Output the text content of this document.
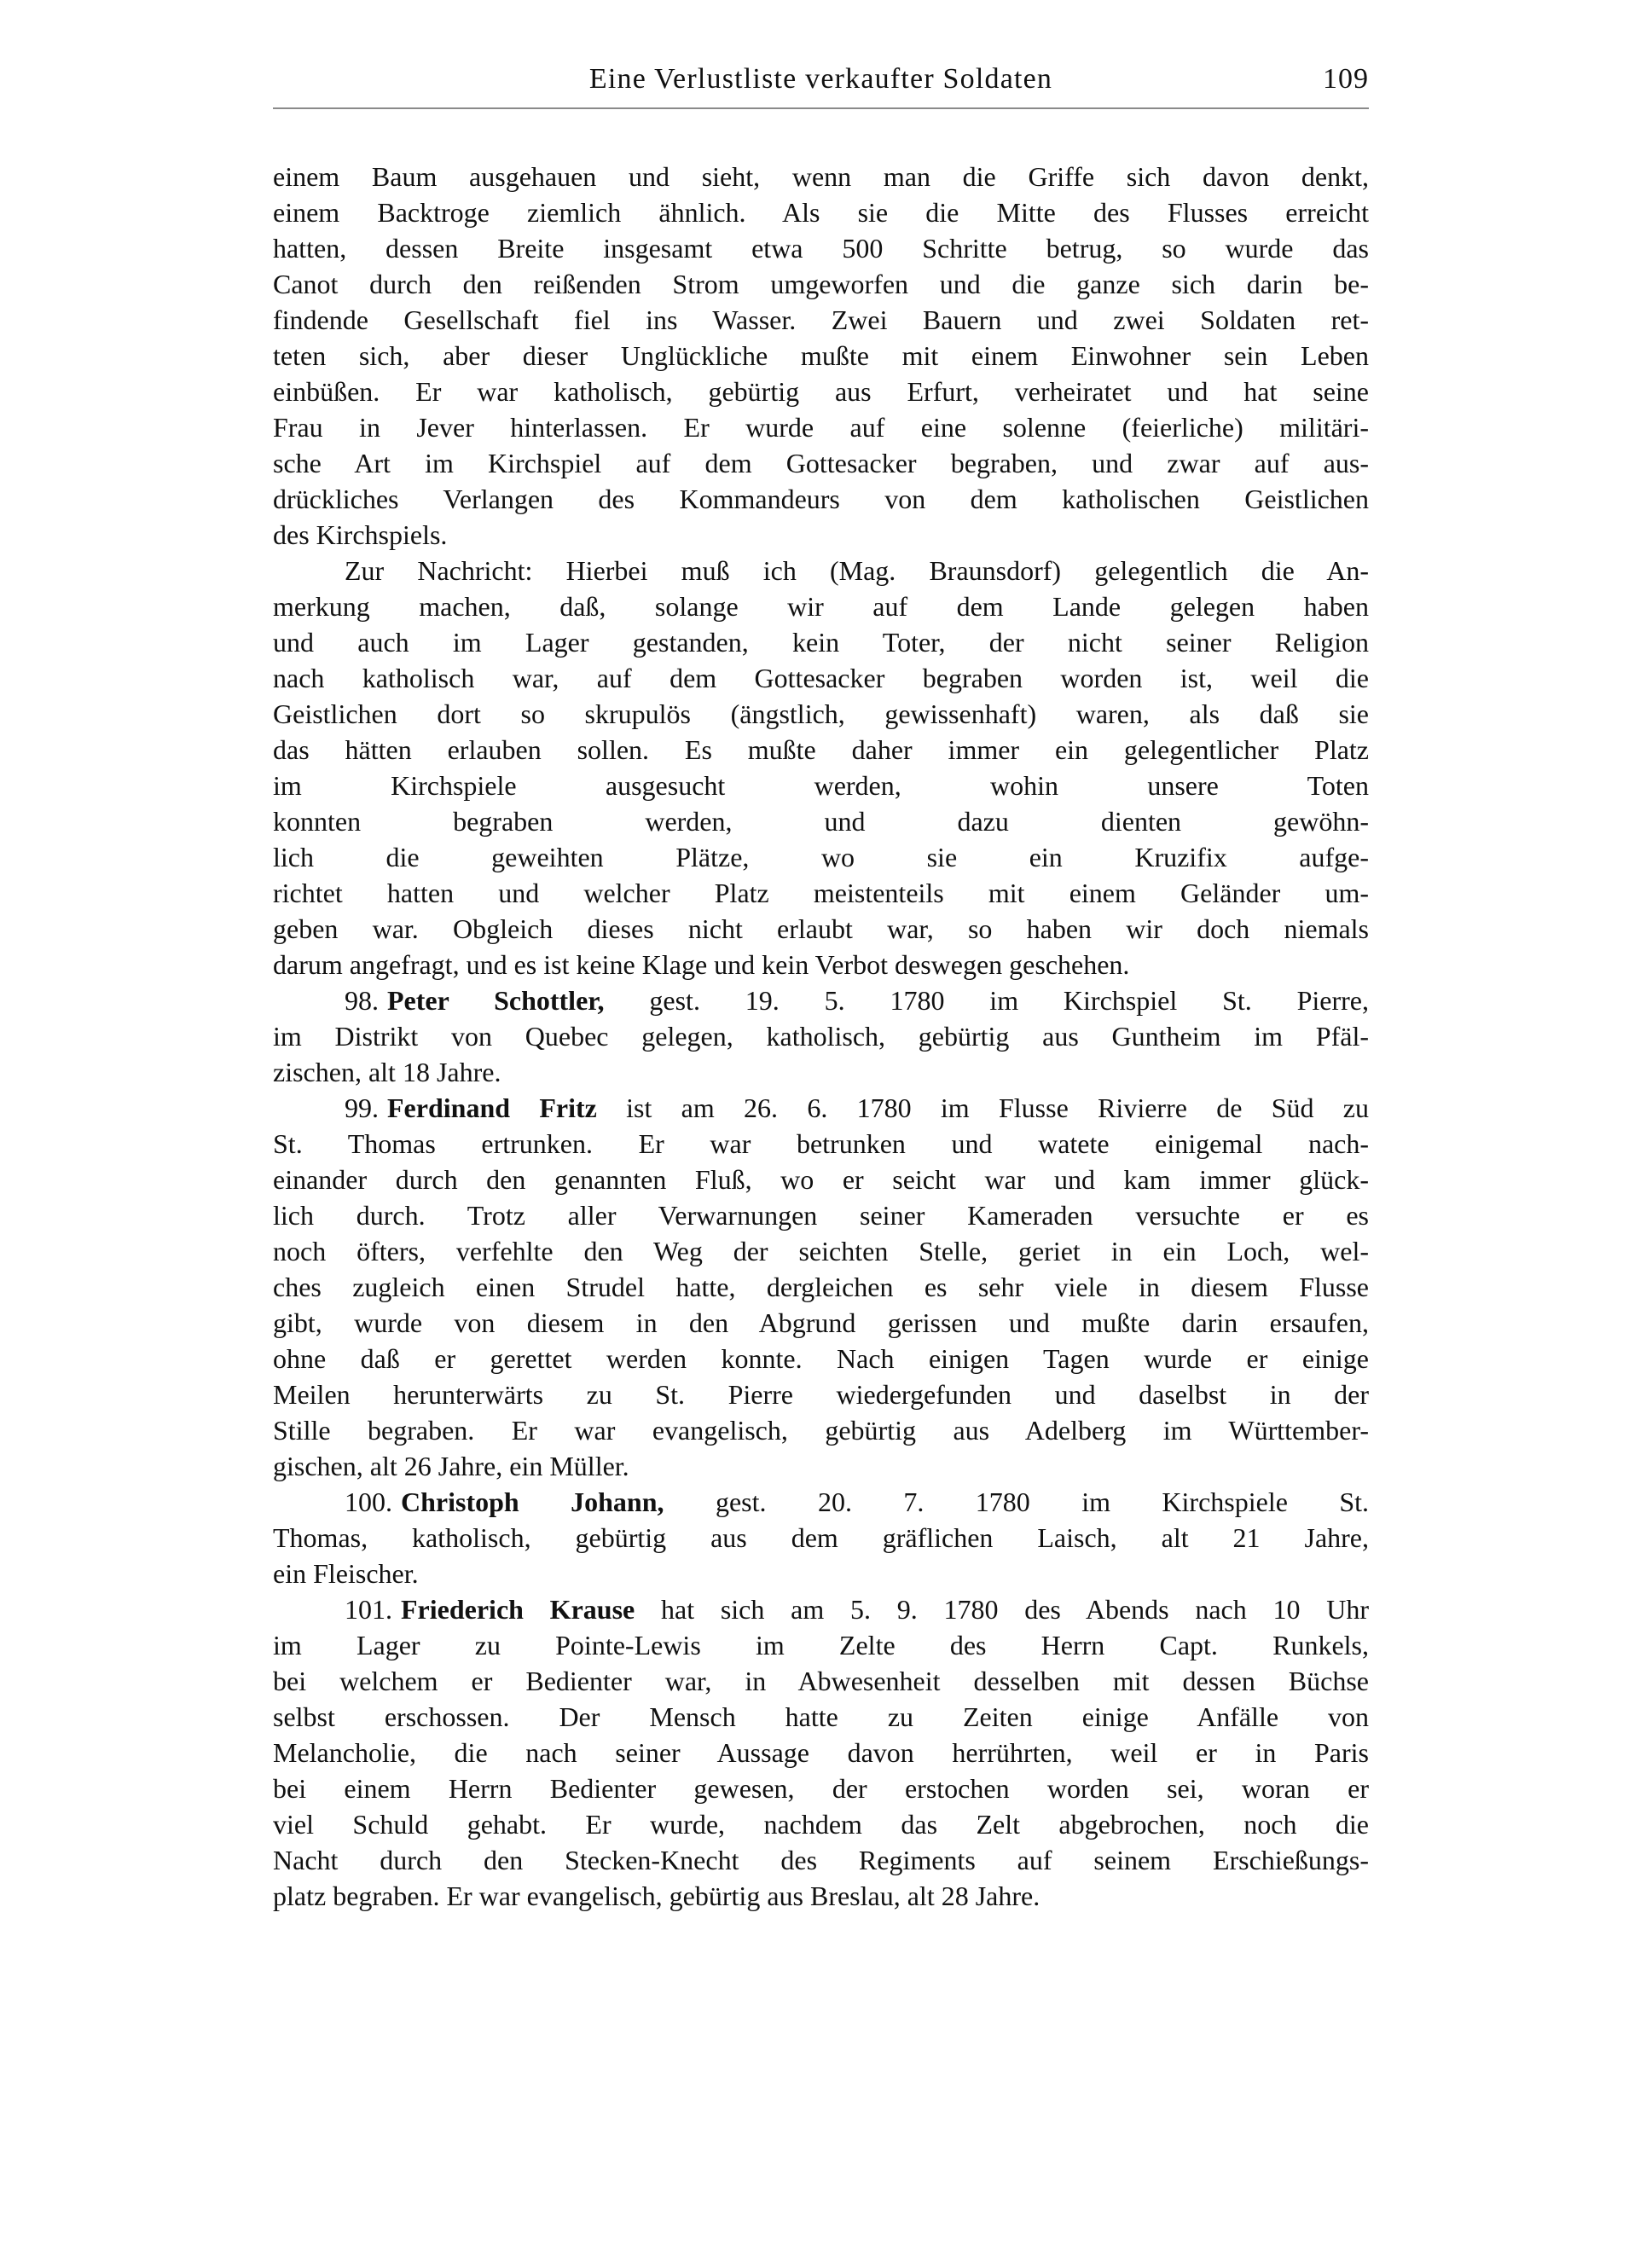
Eine Verlustliste verkaufter Soldaten	109
einem Baum ausgehauen und sieht, wenn man die Griffe sich davon denkt,
einem Backtroge ziemlich ähnlich. Als sie die Mitte des Flusses erreicht
hatten, dessen Breite insgesamt etwa 500 Schritte betrug, so wurde das
Canot durch den reißenden Strom umgeworfen und die ganze sich darin be-
findende Gesellschaft fiel ins Wasser. Zwei Bauern und zwei Soldaten ret-
teten sich, aber dieser Unglückliche mußte mit einem Einwohner sein Leben
einbüßen. Er war katholisch, gebürtig aus Erfurt, verheiratet und hat seine
Frau in Jever hinterlassen. Er wurde auf eine solenne (feierliche) militäri-
sche Art im Kirchspiel auf dem Gottesacker begraben, und zwar auf aus-
drückliches Verlangen des Kommandeurs von dem katholischen Geistlichen
des Kirchspiels.
Zur Nachricht: Hierbei muß ich (Mag. Braunsdorf) gelegentlich die An-
merkung machen, daß, solange wir auf dem Lande gelegen haben
und auch im Lager gestanden, kein Toter, der nicht seiner Religion
nach katholisch war, auf dem Gottesacker begraben worden ist, weil die
Geistlichen dort so skrupulös (ängstlich, gewissenhaft) waren, als daß sie
das hätten erlauben sollen. Es mußte daher immer ein gelegentlicher Platz
im Kirchspiele ausgesucht werden, wohin unsere Toten
konnten begraben werden, und dazu dienten gewöhn-
lich die geweihten Plätze, wo sie ein Kruzifix aufge-
richtet hatten und welcher Platz meistenteils mit einem Geländer um-
geben war. Obgleich dieses nicht erlaubt war, so haben wir doch niemals
darum angefragt, und es ist keine Klage und kein Verbot deswegen geschehen.
98. Peter Schottler, gest. 19. 5. 1780 im Kirchspiel St. Pierre,
im Distrikt von Quebec gelegen, katholisch, gebürtig aus Guntheim im Pfäl-
zischen, alt 18 Jahre.
99. Ferdinand Fritz ist am 26. 6. 1780 im Flusse Rivierre de Süd zu
St. Thomas ertrunken. Er war betrunken und watete einigemal nach-
einander durch den genannten Fluß, wo er seicht war und kam immer glück-
lich durch. Trotz aller Verwarnungen seiner Kameraden versuchte er es
noch öfters, verfehlte den Weg der seichten Stelle, geriet in ein Loch, wel-
ches zugleich einen Strudel hatte, dergleichen es sehr viele in diesem Flusse
gibt, wurde von diesem in den Abgrund gerissen und mußte darin ersaufen,
ohne daß er gerettet werden konnte. Nach einigen Tagen wurde er einige
Meilen herunterwärts zu St. Pierre wiedergefunden und daselbst in der
Stille begraben. Er war evangelisch, gebürtig aus Adelberg im Württember-
gischen, alt 26 Jahre, ein Müller.
100. Christoph Johann, gest. 20. 7. 1780 im Kirchspiele St.
Thomas, katholisch, gebürtig aus dem gräflichen Laisch, alt 21 Jahre,
ein Fleischer.
101. Friederich Krause hat sich am 5. 9. 1780 des Abends nach 10 Uhr
im Lager zu Pointe-Lewis im Zelte des Herrn Capt. Runkels,
bei welchem er Bedienter war, in Abwesenheit desselben mit dessen Büchse
selbst erschossen. Der Mensch hatte zu Zeiten einige Anfälle von
Melancholie, die nach seiner Aussage davon herrührten, weil er in Paris
bei einem Herrn Bedienter gewesen, der erstochen worden sei, woran er
viel Schuld gehabt. Er wurde, nachdem das Zelt abgebrochen, noch die
Nacht durch den Stecken-Knecht des Regiments auf seinem Erschießungs-
platz begraben. Er war evangelisch, gebürtig aus Breslau, alt 28 Jahre.
